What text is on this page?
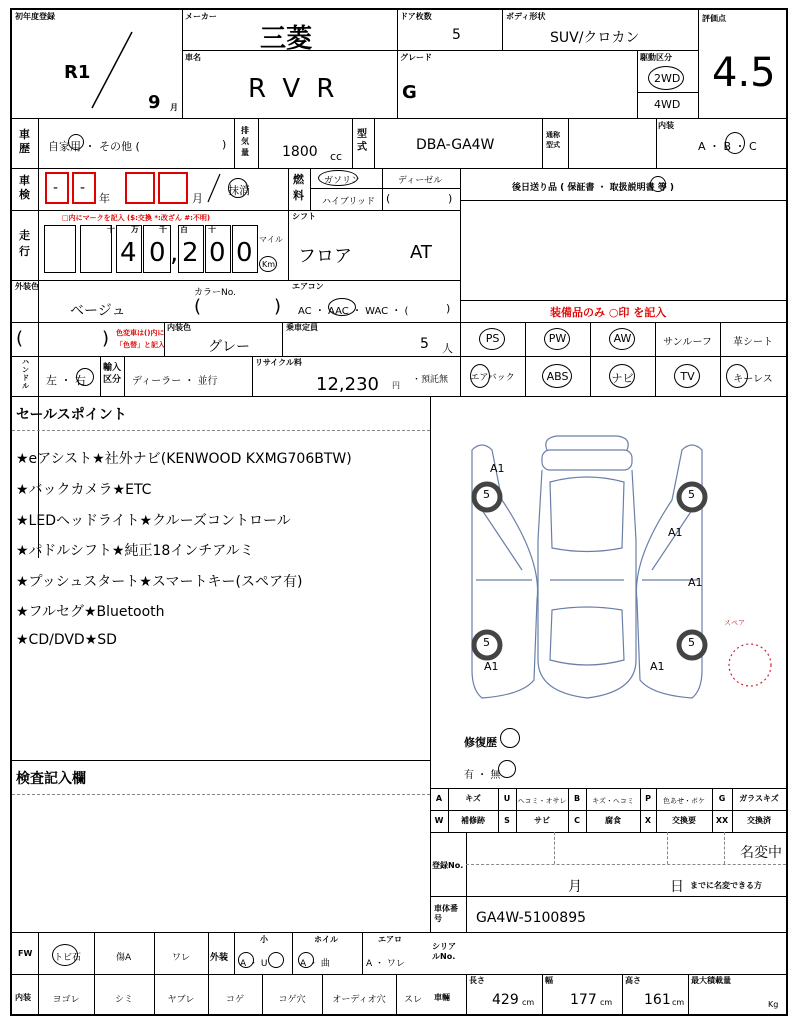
初年度登録
R1
9 月
メーカー
三菱
ドア枚数
5
ボディ形状
SUV/クロカン
評価点
4.5
車名
R V R
グレード
G
駆動区分
2WD
4WD
車歴 自家用 ・ その他 (	)
排気量 1800 cc
型式	DBA-GA4W
通称型式
内装
A ・ B ・ C
車検 - -
年	月
抹消
燃料
ガソリン	ディーゼル
ハイブリッド (	)
後日送り品 ( 保証書 ・ 取扱説明書 等 )
走行
□内にマークを記入 ($:交換 *:改ざん #:不明)
十 万
4
千
0 ,
百
2
十
0 0 マイル
Km
シフト
フロア	AT
外装色
ベージュ
カラーNo.
(	)
エアコン
AC ・ AAC ・ WAC ・ (	)	装備品のみ ○印 を記入
(	) 色変車は()内に
「色替」と記入
内装色
グレー
乗車定員
5 人
PS	PW	AW	サンルーフ	革シート
エアバック	ABS	ナビ	TV	キーレス
ハンドル 左 ・ 右
輸入区分 ディーラー ・ 並行
リサイクル料
12,230 円
・預託無
セールスポイント
★eアシスト★社外ナビ(KENWOOD KXMG706BTW)
★バックカメラ★ETC
★LEDヘッドライト★クルーズコントロール
★パドルシフト★純正18インチアルミ
★プッシュスタート★スマートキー(スペア有)
★フルセグ★Bluetooth
★CD/DVD★SD
5	5
5	5
A1
A1
A1
A1	A1
スペア
修復歴
有 ・ 無
検査記入欄
A	キズ	U	ヘコミ・オサレ B	キズ・ヘコミ	P	色あせ・ボケ	G	ガラスキズ
W	補修跡	S	サビ	C	腐食	X	交換要	XX	交換済
登録No.
名変中
月	日 までに名変できる方
車体番号	GA4W-5100895
FW トビ石	傷A	ワレ 外装
小
A ・ U
ホイル
A ・ 曲
エアロ
A ・ ワレ
シリアルNo.
内装	ヨゴレ	シミ	ヤブレ	コゲ	コゲ穴	オーディオ穴	スレ	車輛
長さ
429 cm
幅
177 cm
高さ
161 cm
最大積載量
Kg
